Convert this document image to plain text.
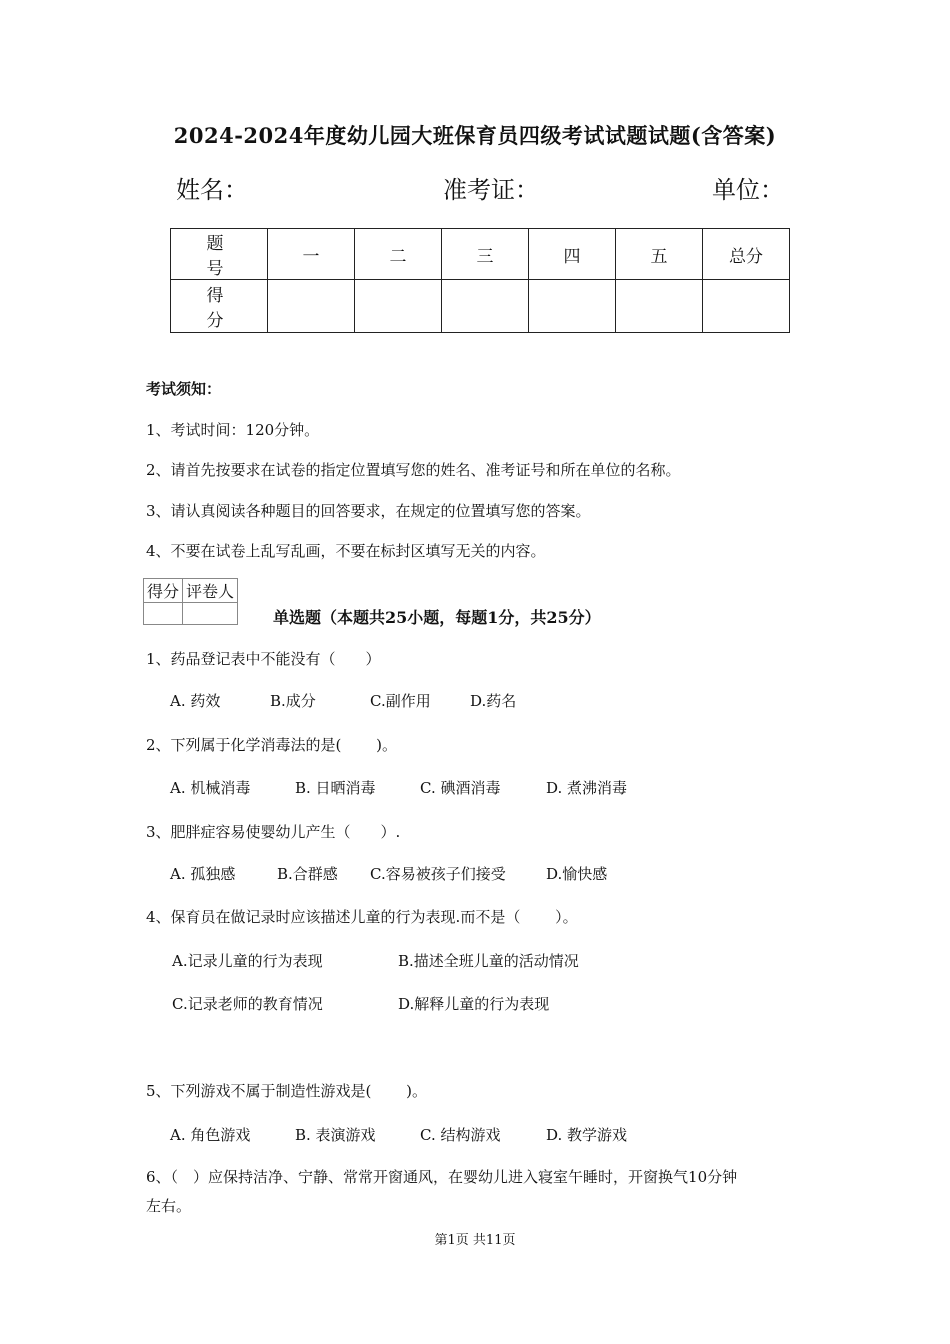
2024-2024年度幼儿园大班保育员四级考试试题试题(含答案)
姓名：	准考证：	单位：
题 号	一	二	三	四	五	总分
得 分						
考试须知：
1、考试时间：120分钟。
2、请首先按要求在试卷的指定位置填写您的姓名、准考证号和所在单位的名称。
3、请认真阅读各种题目的回答要求，在规定的位置填写您的答案。
4、不要在试卷上乱写乱画，不要在标封区填写无关的内容。
得分	评卷人

单选题（本题共25小题，每题1分，共25分）
1、药品登记表中不能没有（　　）
A. 药效	B.成分	C.副作用	D.药名
2、下列属于化学消毒法的是(　　 )。
A. 机械消毒	B. 日晒消毒	C. 碘酒消毒	D. 煮沸消毒
3、肥胖症容易使婴幼儿产生（　　）.
A. 孤独感	B.合群感 C.容易被孩子们接受	D.愉快感
4、保育员在做记录时应该描述儿童的行为表现.而不是（　　 ）。
A.记录儿童的行为表现	B.描述全班儿童的活动情况
C.记录老师的教育情况	D.解释儿童的行为表现
5、下列游戏不属于制造性游戏是(　　 )。
A. 角色游戏	B. 表演游戏	C. 结构游戏	D. 教学游戏
6、（　）应保持洁净、宁静、常常开窗通风，在婴幼儿进入寝室午睡时，开窗换气10分钟
左右。
第1页 共11页
